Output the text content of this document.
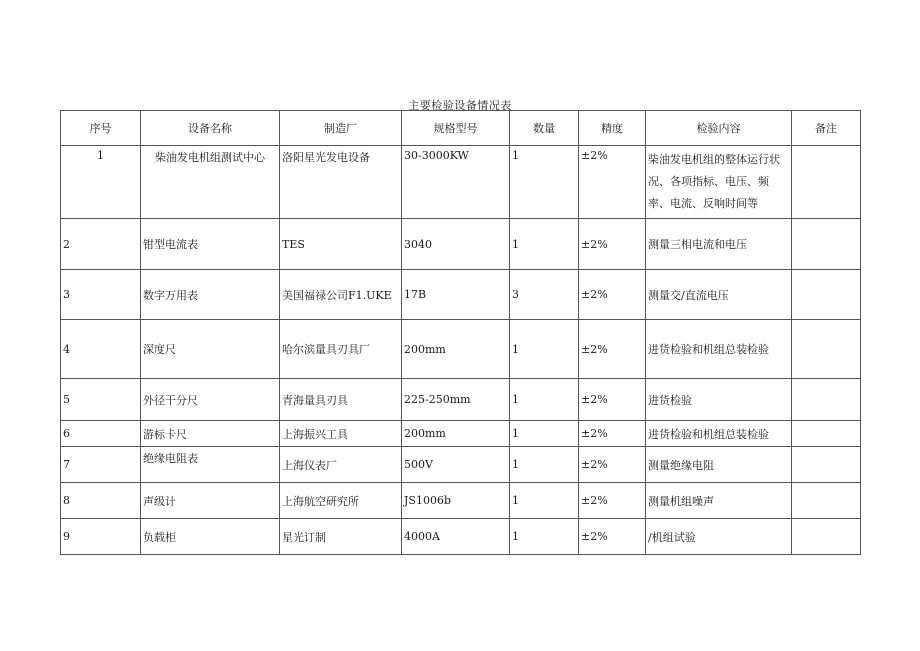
主要检验设备情况表
序号	设备名称	制造厂	规格型号	数量	精度	检验内容	备注
1	柴油发电机组测试中心	洛阳星光发电设备	30-3000KW	1	±2%	柴油发电机组的整体运行状况、各项指标、电压、频率、电流、反响时间等	
2	钳型电流表	TES	3040	1	±2%	测量三相电流和电压	
3	数字万用表	美国福禄公司F1.UKE	17B	3	±2%	测量交/直流电压	
4	深度尺	哈尔滨量具刃具厂	200mm	1	±2%	进货检验和机组总装检验	
5	外径干分尺	青海量具刃具	225-250mm	1	±2%	进货检验	
6	游标卡尺	上海振兴工具	200mm	1	±2%	进货检验和机组总装检验	
7	绝缘电阻表	上海仪表厂	500V	1	±2%	测量绝缘电阻	
8	声级计	上海航空研究所	JS1006b	1	±2%	测量机组噪声	
9	负载柜	星光订制	4000A	1	±2%	/机组试验	
